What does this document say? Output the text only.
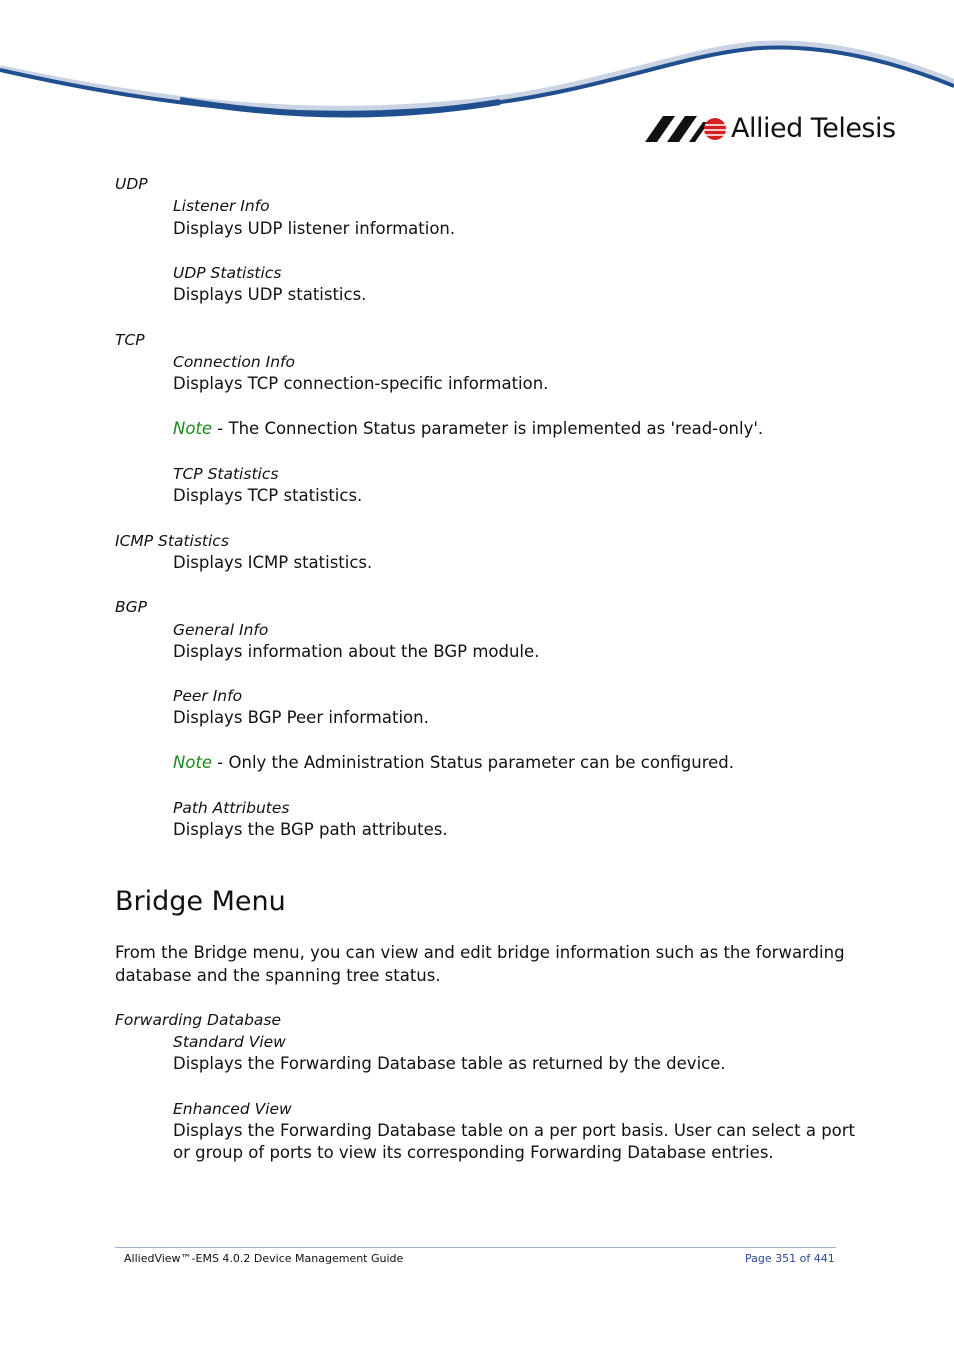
Allied Telesis
UDP
Listener Info
Displays UDP listener information.
UDP Statistics
Displays UDP statistics.
TCP
Connection Info
Displays TCP connection-specific information.
Note - The Connection Status parameter is implemented as 'read-only'.
TCP Statistics
Displays TCP statistics.
ICMP Statistics
Displays ICMP statistics.
BGP
General Info
Displays information about the BGP module.
Peer Info
Displays BGP Peer information.
Note - Only the Administration Status parameter can be configured.
Path Attributes
Displays the BGP path attributes.
Bridge Menu
From the Bridge menu, you can view and edit bridge information such as the forwarding
database and the spanning tree status.
Forwarding Database
Standard View
Displays the Forwarding Database table as returned by the device.
Enhanced View
Displays the Forwarding Database table on a per port basis. User can select a port
or group of ports to view its corresponding Forwarding Database entries.
AlliedView™-EMS 4.0.2 Device Management Guide	Page 351 of 441
